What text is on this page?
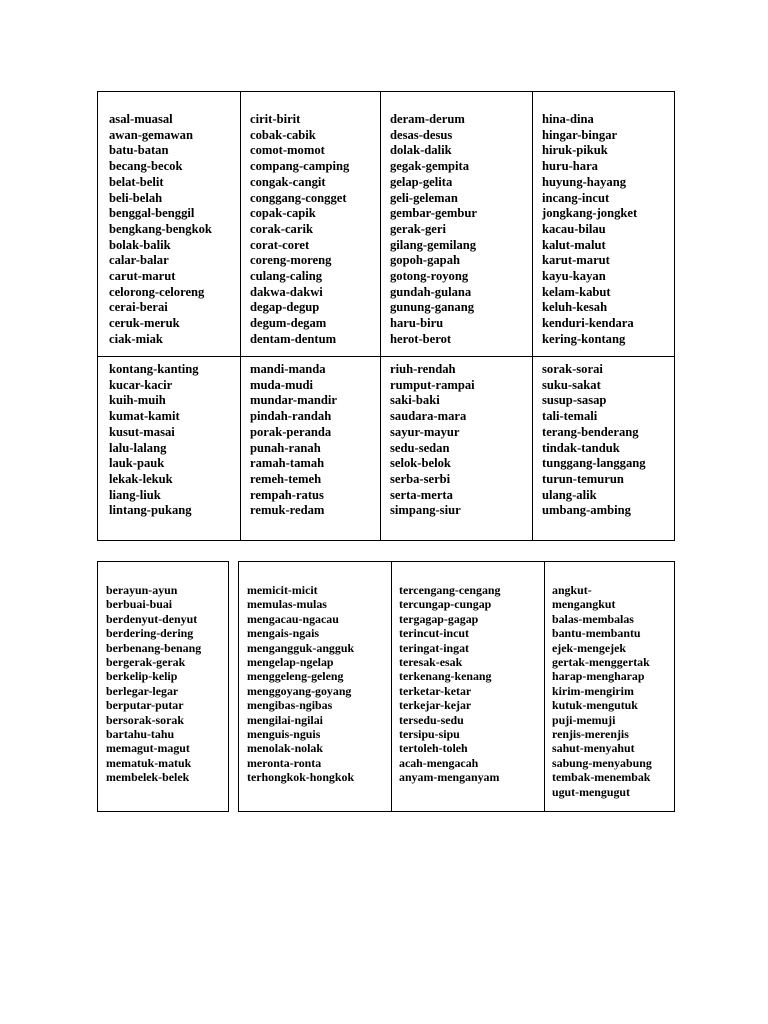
asal-muasal
awan-gemawan
batu-batan
becang-becok
belat-belit
beli-belah
benggal-benggil
bengkang-bengkok
bolak-balik
calar-balar
carut-marut
celorong-celoreng
cerai-berai
ceruk-meruk
ciak-miak
cirit-birit
cobak-cabik
comot-momot
compang-camping
congak-cangit
conggang-congget
copak-capik
corak-carik
corat-coret
coreng-moreng
culang-caling
dakwa-dakwi
degap-degup
degum-degam
dentam-dentum
deram-derum
desas-desus
dolak-dalik
gegak-gempita
gelap-gelita
geli-geleman
gembar-gembur
gerak-geri
gilang-gemilang
gopoh-gapah
gotong-royong
gundah-gulana
gunung-ganang
haru-biru
herot-berot
hina-dina
hingar-bingar
hiruk-pikuk
huru-hara
huyung-hayang
incang-incut
jongkang-jongket
kacau-bilau
kalut-malut
karut-marut
kayu-kayan
kelam-kabut
keluh-kesah
kenduri-kendara
kering-kontang
kontang-kanting
kucar-kacir
kuih-muih
kumat-kamit
kusut-masai
lalu-lalang
lauk-pauk
lekak-lekuk
liang-liuk
lintang-pukang
mandi-manda
muda-mudi
mundar-mandir
pindah-randah
porak-peranda
punah-ranah
ramah-tamah
remeh-temeh
rempah-ratus
remuk-redam
riuh-rendah
rumput-rampai
saki-baki
saudara-mara
sayur-mayur
sedu-sedan
selok-belok
serba-serbi
serta-merta
simpang-siur
sorak-sorai
suku-sakat
susup-sasap
tali-temali
terang-benderang
tindak-tanduk
tunggang-langgang
turun-temurun
ulang-alik
umbang-ambing
berayun-ayun
berbuai-buai
berdenyut-denyut
berdering-dering
berbenang-benang
bergerak-gerak
berkelip-kelip
berlegar-legar
berputar-putar
bersorak-sorak
bartahu-tahu
memagut-magut
mematuk-matuk
membelek-belek
memicit-micit
memulas-mulas
mengacau-ngacau
mengais-ngais
mengangguk-angguk
mengelap-ngelap
menggeleng-geleng
menggoyang-goyang
mengibas-ngibas
mengilai-ngilai
menguis-nguis
menolak-nolak
meronta-ronta
terhongkok-hongkok
tercengang-cengang
tercungap-cungap
tergagap-gagap
terincut-incut
teringat-ingat
teresak-esak
terkenang-kenang
terketar-ketar
terkejar-kejar
tersedu-sedu
tersipu-sipu
tertoleh-toleh
acah-mengacah
anyam-menganyam
angkut-
mengangkut
balas-membalas
bantu-membantu
ejek-mengejek
gertak-menggertak
harap-mengharap
kirim-mengirim
kutuk-mengutuk
puji-memuji
renjis-merenjis
sahut-menyahut
sabung-menyabung
tembak-menembak
ugut-mengugut
